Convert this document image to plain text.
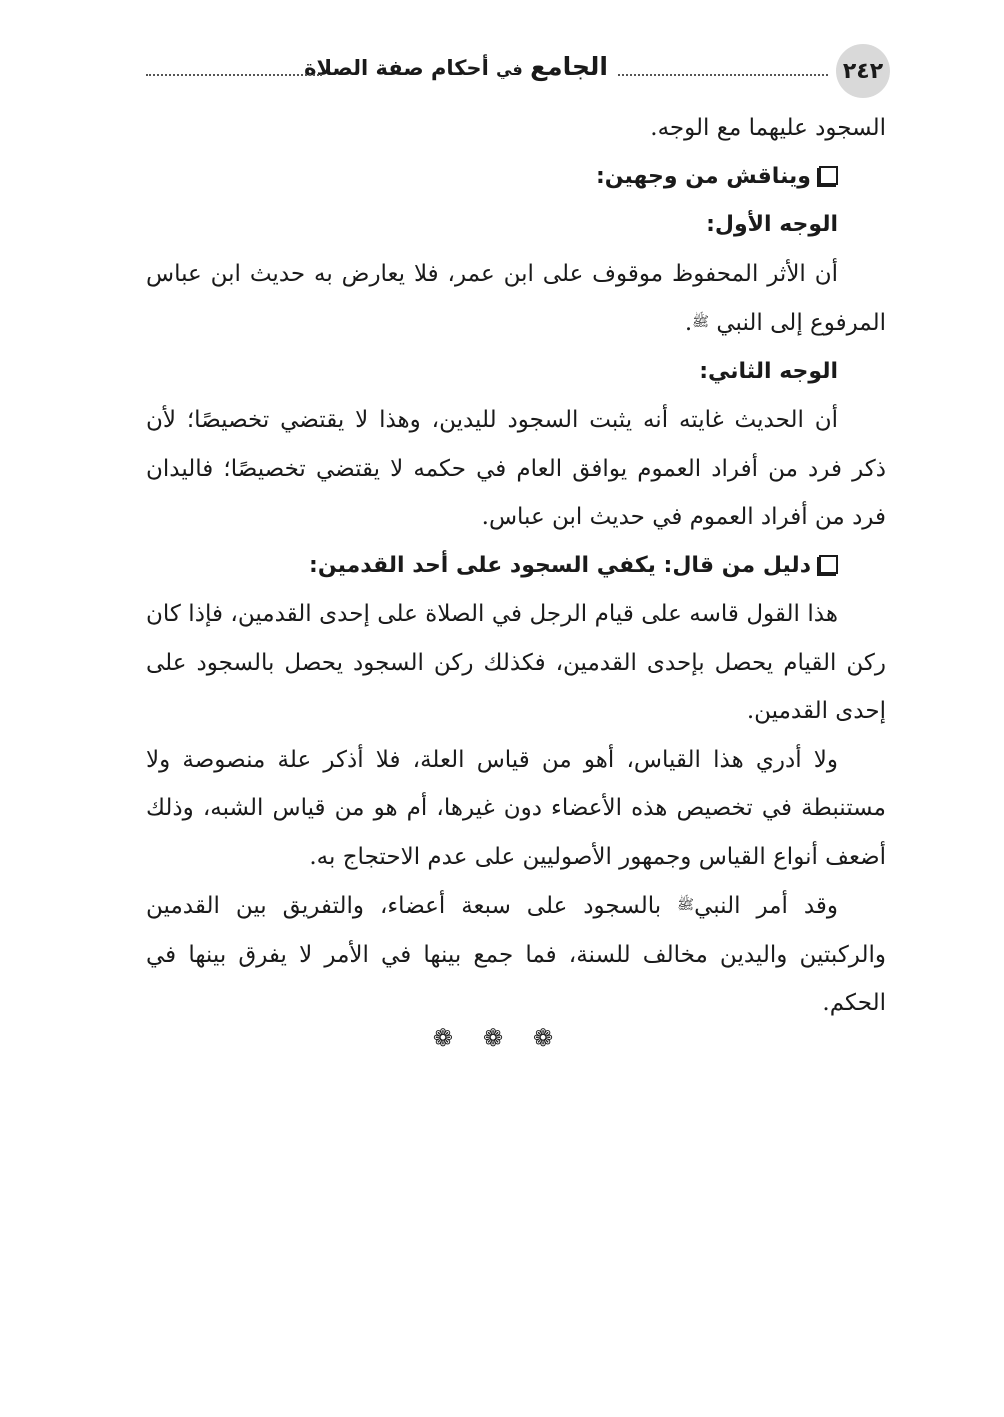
٢٤٢
الجامع في أحكام صفة الصلاة

السجود عليهما مع الوجه.

ويناقش من وجهين:

الوجه الأول:

أن الأثر المحفوظ موقوف على ابن عمر، فلا يعارض به حديث ابن عباس المرفوع إلى النبي ﷺ.

الوجه الثاني:

أن الحديث غايته أنه يثبت السجود لليدين، وهذا لا يقتضي تخصيصًا؛ لأن ذكر فرد من أفراد العموم يوافق العام في حكمه لا يقتضي تخصيصًا؛ فاليدان فرد من أفراد العموم في حديث ابن عباس.

دليل من قال: يكفي السجود على أحد القدمين:

هذا القول قاسه على قيام الرجل في الصلاة على إحدى القدمين، فإذا كان ركن القيام يحصل بإحدى القدمين، فكذلك ركن السجود يحصل بالسجود على إحدى القدمين.

ولا أدري هذا القياس، أهو من قياس العلة، فلا أذكر علة منصوصة ولا مستنبطة في تخصيص هذه الأعضاء دون غيرها، أم هو من قياس الشبه، وذلك أضعف أنواع القياس وجمهور الأصوليين على عدم الاحتجاج به.

وقد أمر النبيﷺ بالسجود على سبعة أعضاء، والتفريق بين القدمين والركبتين واليدين مخالف للسنة، فما جمع بينها في الأمر لا يفرق بينها في الحكم.

❁ ❁ ❁
